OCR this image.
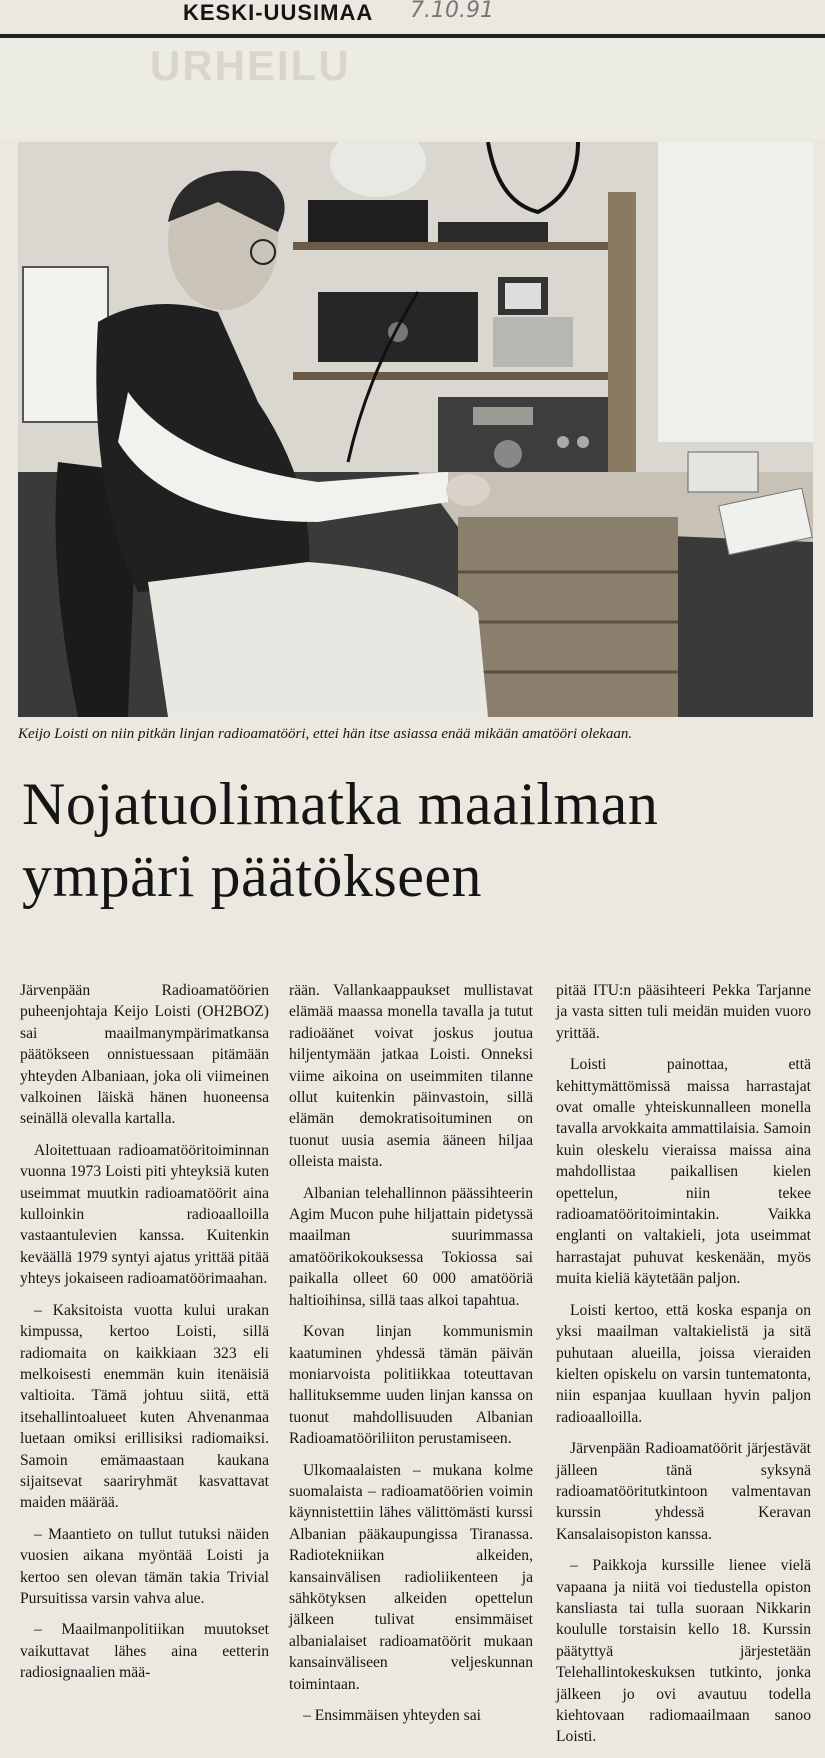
KESKI-UUSIMAA 7.10.91
URHEILU
Keijo Loisti on niin pitkän linjan radioamatööri, ettei hän itse asiassa enää mikään amatööri olekaan.
Nojatuolimatka maailman
ympäri päätökseen

Järvenpään Radioamatöörien puheenjohtaja Keijo Loisti (OH2BOZ) sai maailmanympärimatkansa päätökseen onnistuessaan pitämään yhteyden Albaniaan, joka oli viimeinen valkoinen läiskä hänen huoneensa seinällä olevalla kartalla.

Aloitettuaan radioamatööritoiminnan vuonna 1973 Loisti piti yhteyksiä kuten useimmat muutkin radioamatöörit aina kulloinkin radioaalloilla vastaantulevien kanssa. Kuitenkin keväällä 1979 syntyi ajatus yrittää pitää yhteys jokaiseen radioamatöörimaahan.

– Kaksitoista vuotta kului urakan kimpussa, kertoo Loisti, sillä radiomaita on kaikkiaan 323 eli melkoisesti enemmän kuin itenäisiä valtioita. Tämä johtuu siitä, että itsehallintoalueet kuten Ahvenanmaa luetaan omiksi erillisiksi radiomaiksi. Samoin emämaastaan kaukana sijaitsevat saariryhmät kasvattavat maiden määrää.

– Maantieto on tullut tutuksi näiden vuosien aikana myöntää Loisti ja kertoo sen olevan tämän takia Trivial Pursuitissa varsin vahva alue.

– Maailmanpolitiikan muutokset vaikuttavat lähes aina eetterin radiosignaalien mää-

rään. Vallankaappaukset mullistavat elämää maassa monella tavalla ja tutut radioäänet voivat joskus joutua hiljentymään jatkaa Loisti. Onneksi viime aikoina on useimmiten tilanne ollut kuitenkin päinvastoin, sillä elämän demokratisoituminen on tuonut uusia asemia ääneen hiljaa olleista maista.

Albanian telehallinnon päässihteerin Agim Mucon puhe hiljattain pidetyssä maailman suurimmassa amatöörikokouksessa Tokiossa sai paikalla olleet 60 000 amatööriä haltioihinsa, sillä taas alkoi tapahtua.

Kovan linjan kommunismin kaatuminen yhdessä tämän päivän moniarvoista politiikkaa toteuttavan hallituksemme uuden linjan kanssa on tuonut mahdollisuuden Albanian Radioamatööriliiton perustamiseen.

Ulkomaalaisten – mukana kolme suomalaista – radioamatöörien voimin käynnistettiin lähes välittömästi kurssi Albanian pääkaupungissa Tiranassa. Radiotekniikan alkeiden, kansainvälisen radioliikenteen ja sähkötyksen alkeiden opettelun jälkeen tulivat ensimmäiset albanialaiset radioamatöörit mukaan kansainväliseen veljeskunnan toimintaan.

– Ensimmäisen yhteyden sai

pitää ITU:n pääsihteeri Pekka Tarjanne ja vasta sitten tuli meidän muiden vuoro yrittää.

Loisti painottaa, että kehittymättömissä maissa harrastajat ovat omalle yhteiskunnalleen monella tavalla arvokkaita ammattilaisia. Samoin kuin oleskelu vieraissa maissa aina mahdollistaa paikallisen kielen opettelun, niin tekee radioamatööritoimintakin. Vaikka englanti on valtakieli, jota useimmat harrastajat puhuvat keskenään, myös muita kieliä käytetään paljon.

Loisti kertoo, että koska espanja on yksi maailman valtakielistä ja sitä puhutaan alueilla, joissa vieraiden kielten opiskelu on varsin tuntematonta, niin espanjaa kuullaan hyvin paljon radioaalloilla.

Järvenpään Radioamatöörit järjestävät jälleen tänä syksynä radioamatööritutkintoon valmentavan kurssin yhdessä Keravan Kansalaisopiston kanssa.

– Paikkoja kurssille lienee vielä vapaana ja niitä voi tiedustella opiston kansliasta tai tulla suoraan Nikkarin koululle torstaisin kello 18. Kurssin päätyttyä järjestetään Telehallintokeskuksen tutkinto, jonka jälkeen jo ovi avautuu todella kiehtovaan radiomaailmaan sanoo Loisti.
